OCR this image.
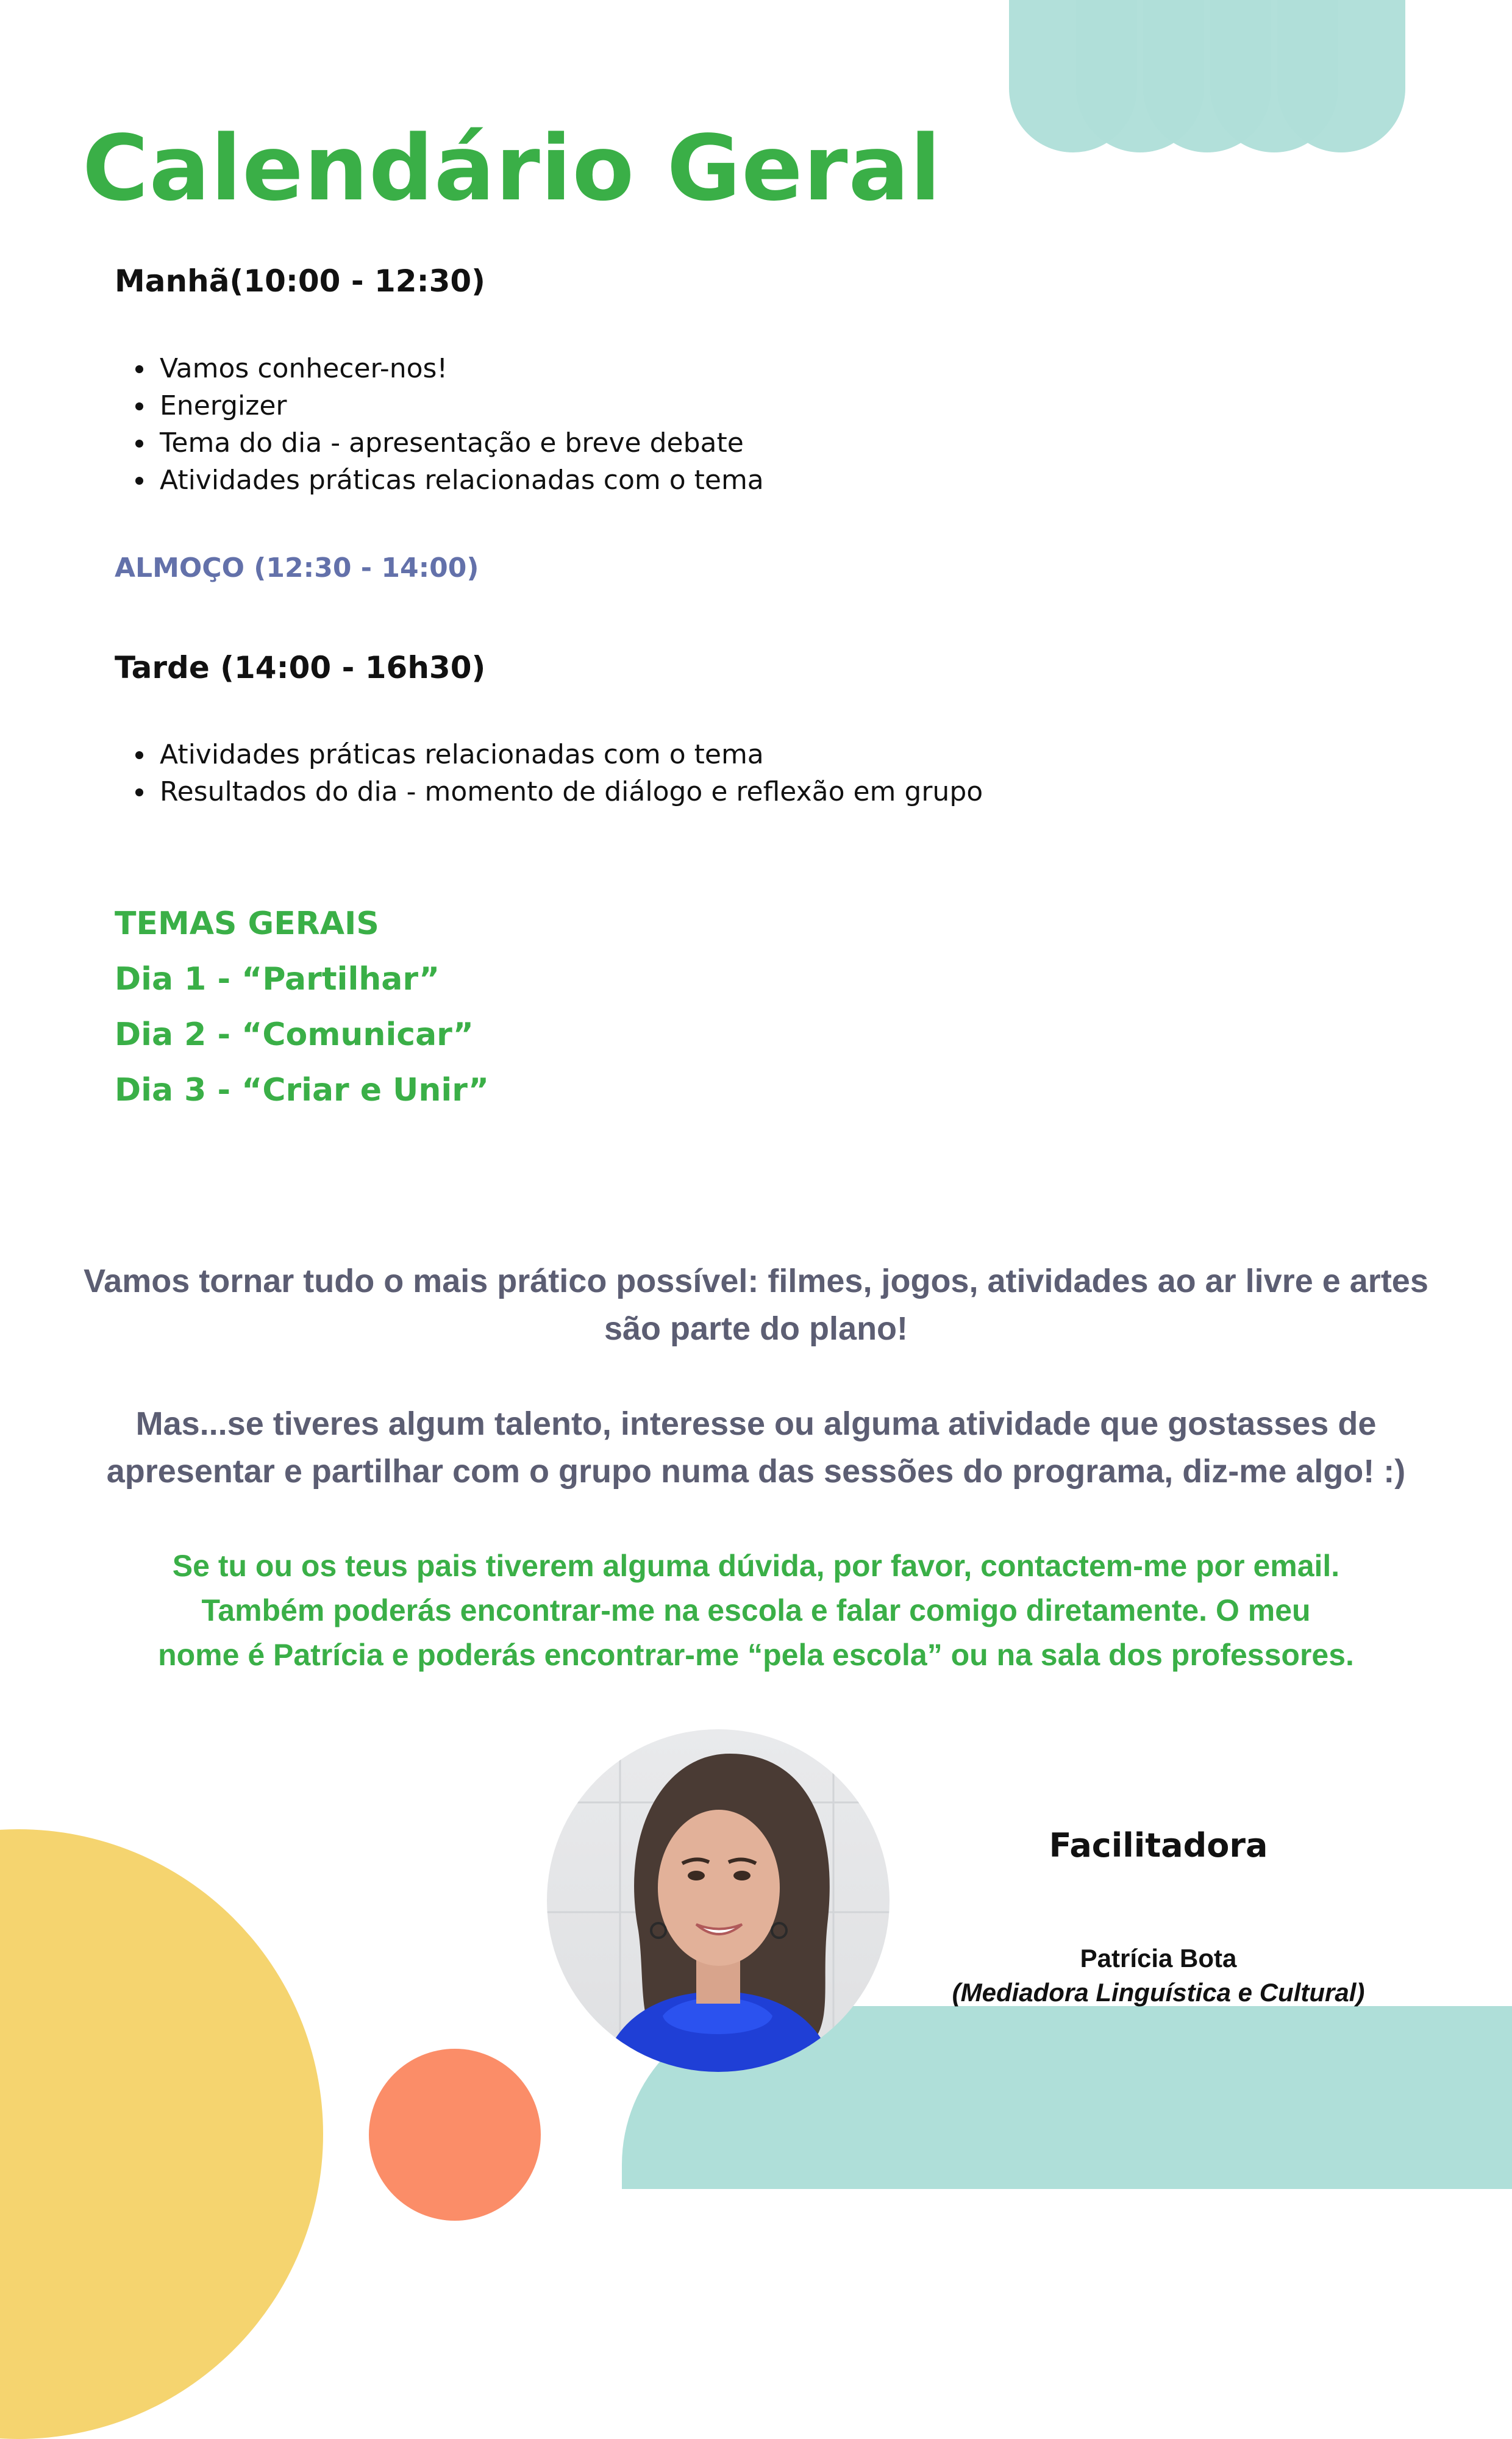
Calendário Geral
Manhã(10:00 - 12:30)
Vamos conhecer-nos!
Energizer
Tema do dia - apresentação e breve debate
Atividades práticas relacionadas com o tema
ALMOÇO (12:30 - 14:00)
Tarde (14:00 - 16h30)
Atividades práticas relacionadas com o tema
Resultados do dia - momento de diálogo e reflexão em grupo
TEMAS GERAIS
Dia 1 - “Partilhar”
Dia 2 - “Comunicar”
Dia 3 - “Criar e Unir”

Vamos tornar tudo o mais prático possível: filmes, jogos, atividades ao ar livre e artes
são parte do plano!

Mas...se tiveres algum talento, interesse ou alguma atividade que gostasses de
apresentar e partilhar com o grupo numa das sessões do programa, diz-me algo! :)

Se tu ou os teus pais tiverem alguma dúvida, por favor, contactem-me por email.
Também poderás encontrar-me na escola e falar comigo diretamente. O meu
nome é Patrícia e poderás encontrar-me “pela escola” ou na sala dos professores.

Facilitadora
Patrícia Bota
(Mediadora Linguística e Cultural)
